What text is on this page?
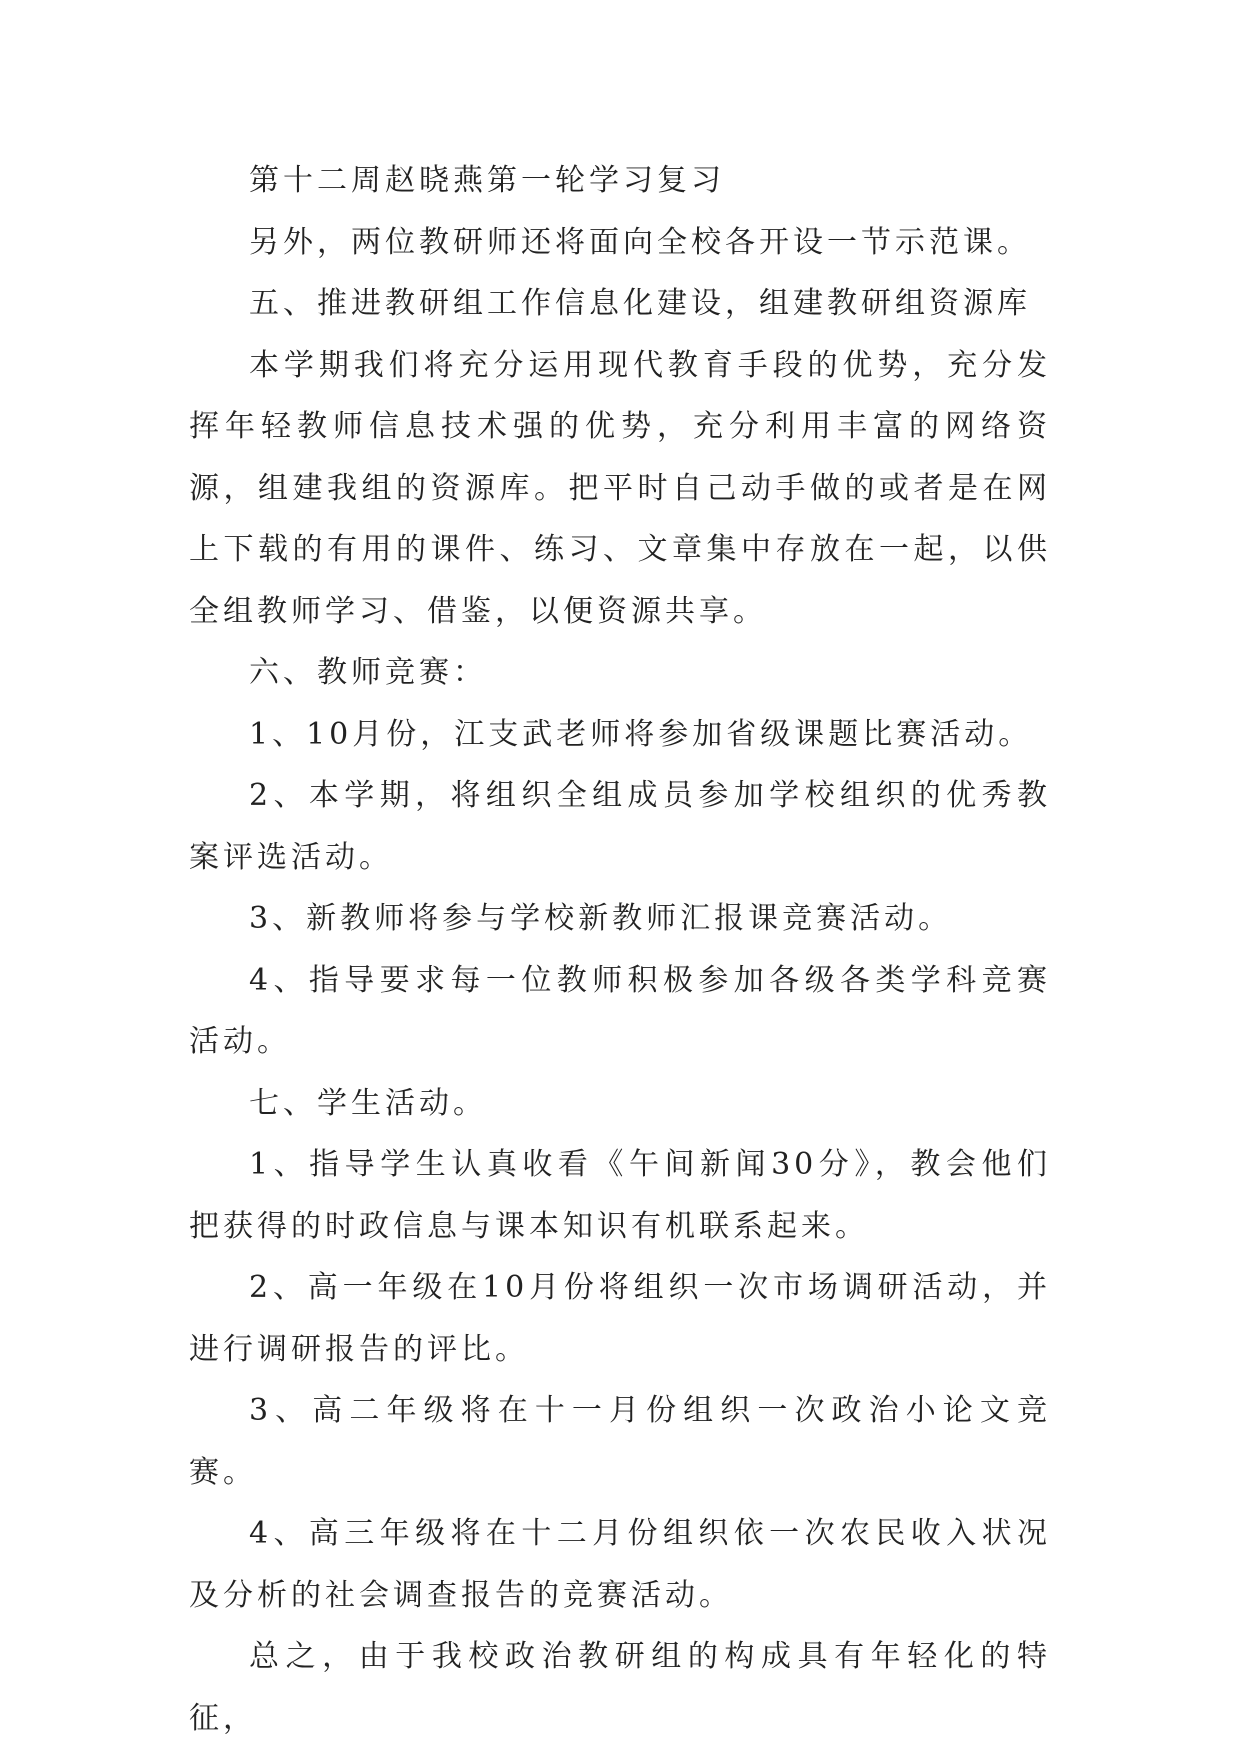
第十二周赵晓燕第一轮学习复习

另外，两位教研师还将面向全校各开设一节示范课。

五、推进教研组工作信息化建设，组建教研组资源库

本学期我们将充分运用现代教育手段的优势，充分发挥年轻教师信息技术强的优势，充分利用丰富的网络资源，组建我组的资源库。把平时自己动手做的或者是在网上下载的有用的课件、练习、文章集中存放在一起，以供全组教师学习、借鉴，以便资源共享。

六、教师竞赛：

1、10月份，江支武老师将参加省级课题比赛活动。

2、本学期，将组织全组成员参加学校组织的优秀教案评选活动。

3、新教师将参与学校新教师汇报课竞赛活动。

4、指导要求每一位教师积极参加各级各类学科竞赛活动。

七、学生活动。

1、指导学生认真收看《午间新闻30分》，教会他们把获得的时政信息与课本知识有机联系起来。

2、高一年级在10月份将组织一次市场调研活动，并进行调研报告的评比。

3、高二年级将在十一月份组织一次政治小论文竞赛。

4、高三年级将在十二月份组织依一次农民收入状况及分析的社会调查报告的竞赛活动。

总之，由于我校政治教研组的构成具有年轻化的特征，
